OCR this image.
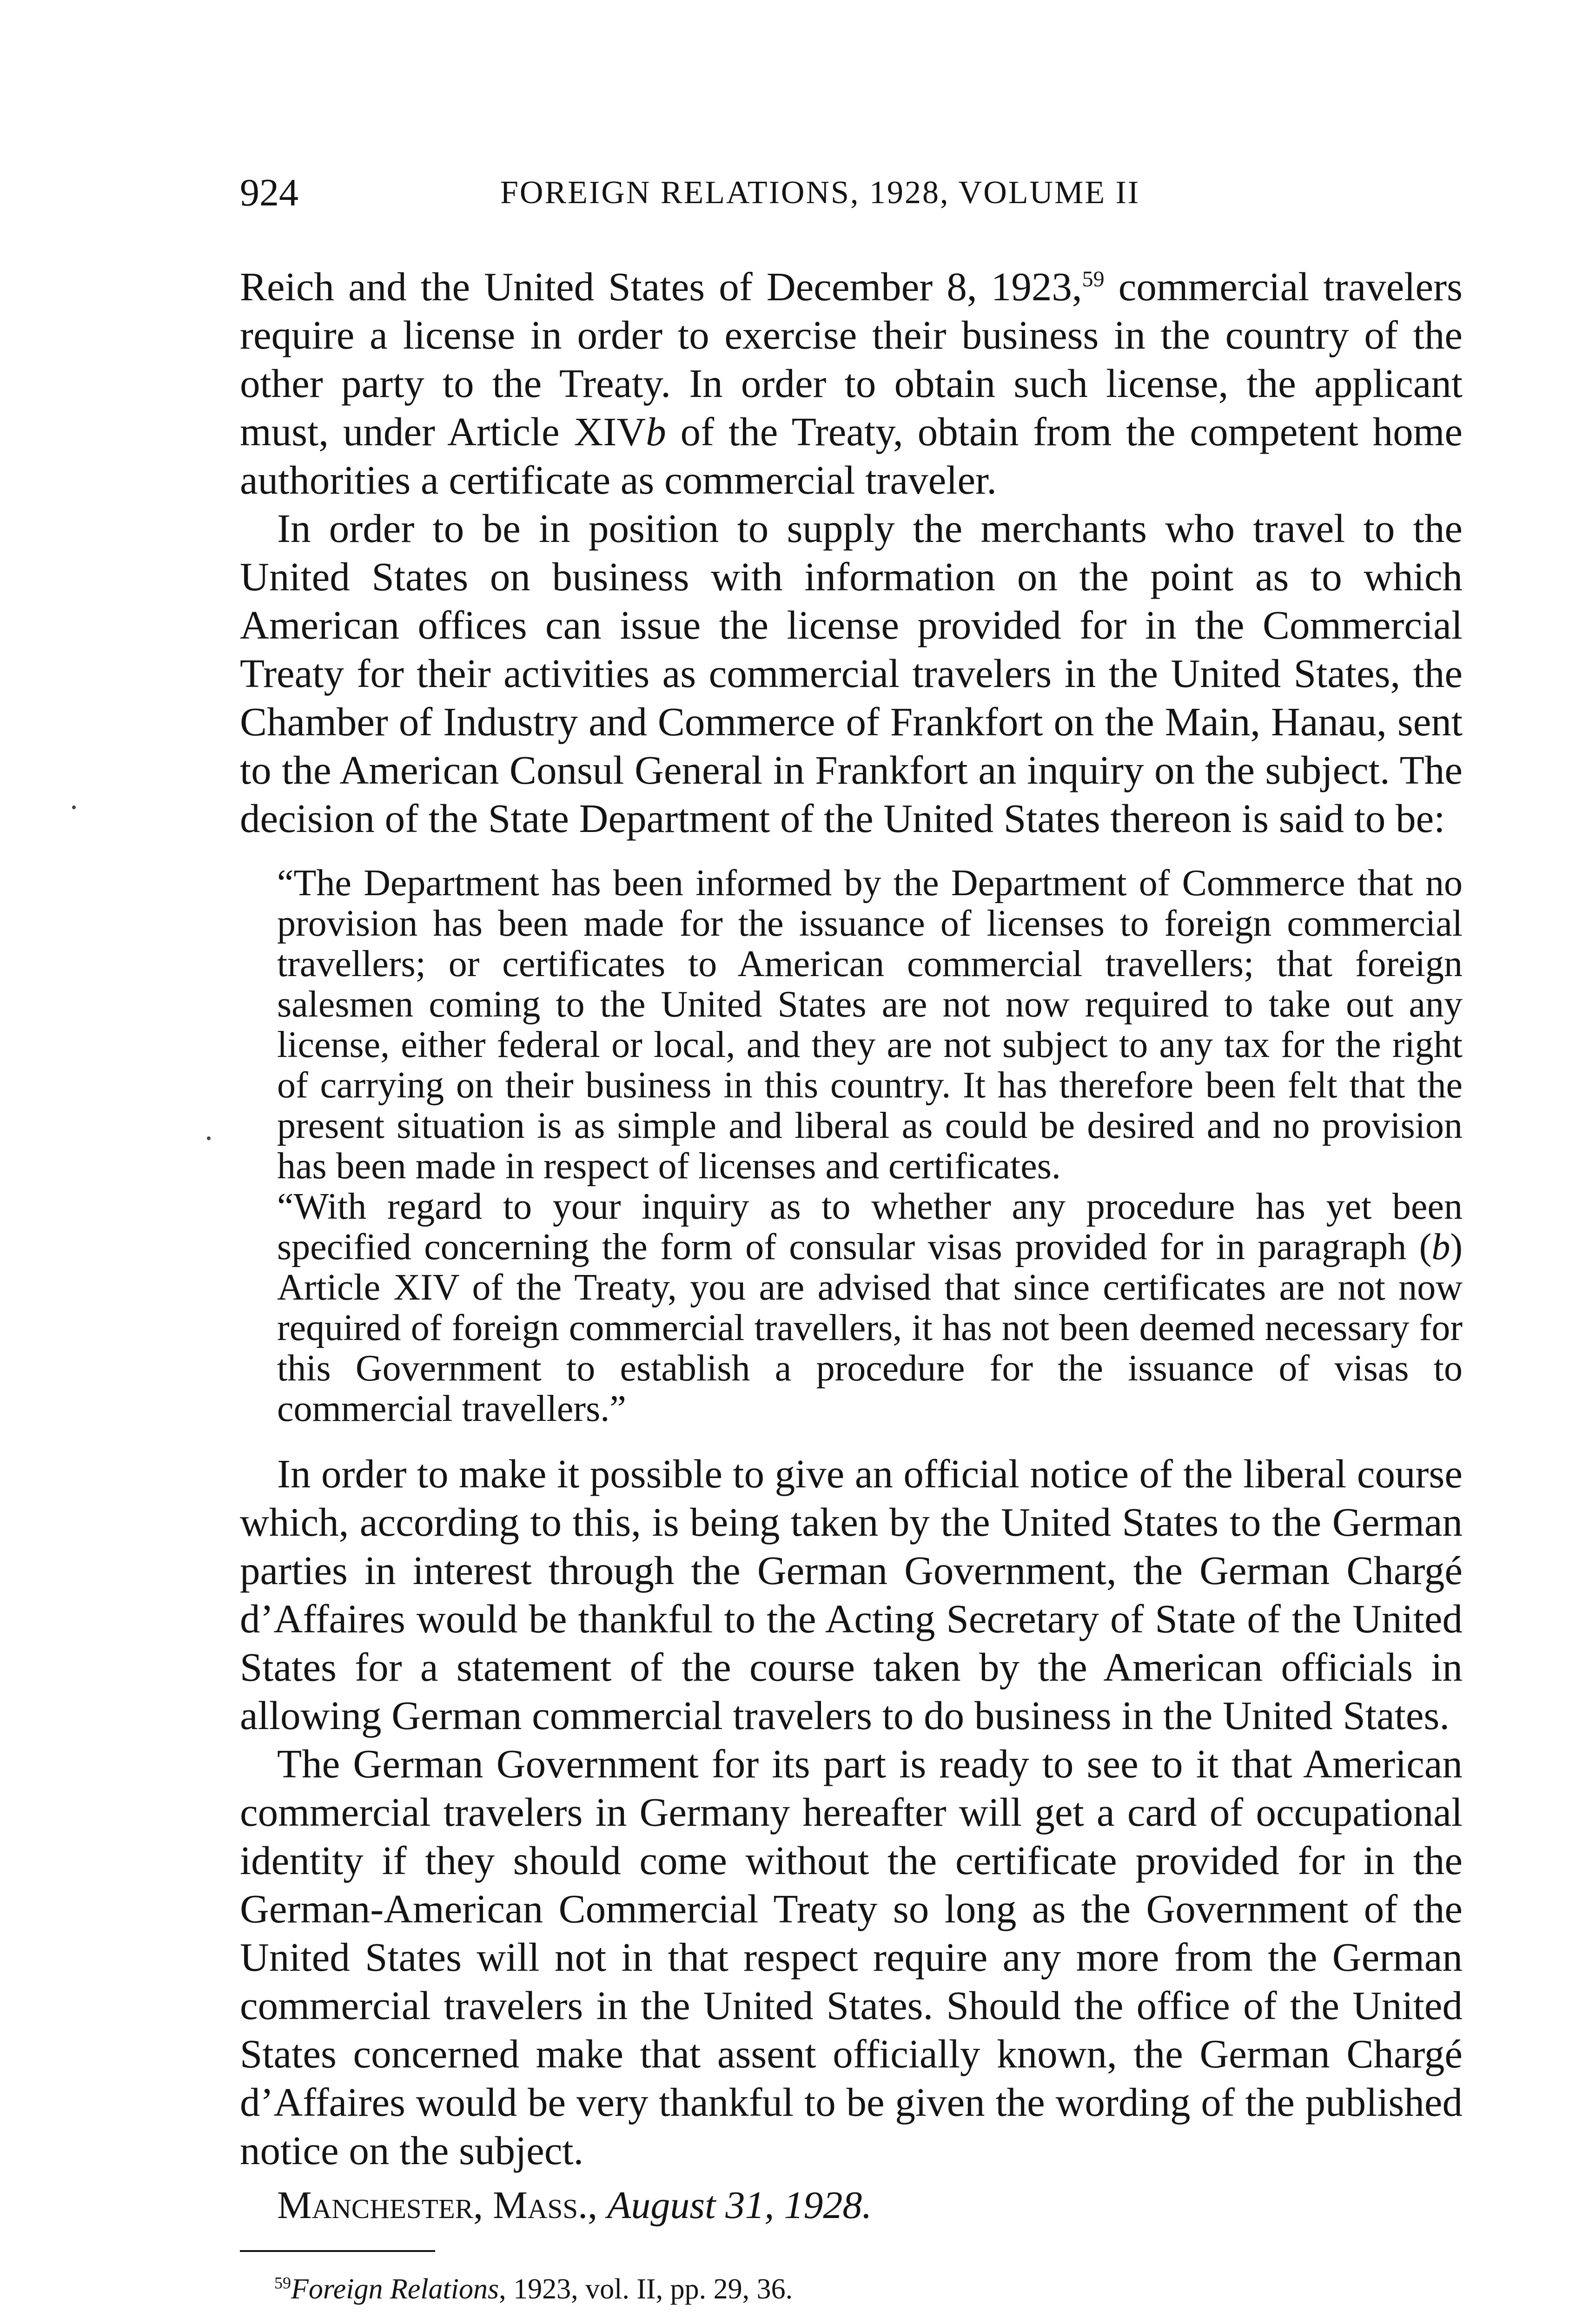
924	FOREIGN RELATIONS, 1928, VOLUME II

Reich and the United States of December 8, 1923,59 commercial travelers require a license in order to exercise their business in the country of the other party to the Treaty. In order to obtain such license, the applicant must, under Article XIVb of the Treaty, obtain from the competent home authorities a certificate as commercial traveler.

In order to be in position to supply the merchants who travel to the United States on business with information on the point as to which American offices can issue the license provided for in the Commercial Treaty for their activities as commercial travelers in the United States, the Chamber of Industry and Commerce of Frankfort on the Main, Hanau, sent to the American Consul General in Frankfort an inquiry on the subject. The decision of the State Department of the United States thereon is said to be:

“The Department has been informed by the Department of Commerce that no provision has been made for the issuance of licenses to foreign commercial travellers; or certificates to American commercial travellers; that foreign salesmen coming to the United States are not now required to take out any license, either federal or local, and they are not subject to any tax for the right of carrying on their business in this country. It has therefore been felt that the present situation is as simple and liberal as could be desired and no provision has been made in respect of licenses and certificates.

“With regard to your inquiry as to whether any procedure has yet been specified concerning the form of consular visas provided for in paragraph (b) Article XIV of the Treaty, you are advised that since certificates are not now required of foreign commercial travellers, it has not been deemed necessary for this Government to establish a procedure for the issuance of visas to commercial travellers.”

In order to make it possible to give an official notice of the liberal course which, according to this, is being taken by the United States to the German parties in interest through the German Government, the German Chargé d’Affaires would be thankful to the Acting Secretary of State of the United States for a statement of the course taken by the American officials in allowing German commercial travelers to do business in the United States.

The German Government for its part is ready to see to it that American commercial travelers in Germany hereafter will get a card of occupational identity if they should come without the certificate provided for in the German-American Commercial Treaty so long as the Government of the United States will not in that respect require any more from the German commercial travelers in the United States. Should the office of the United States concerned make that assent officially known, the German Chargé d’Affaires would be very thankful to be given the wording of the published notice on the subject.

Manchester, Mass., August 31, 1928.
$^{59}$Foreign Relations, 1923, vol. II, pp. 29, 36.
